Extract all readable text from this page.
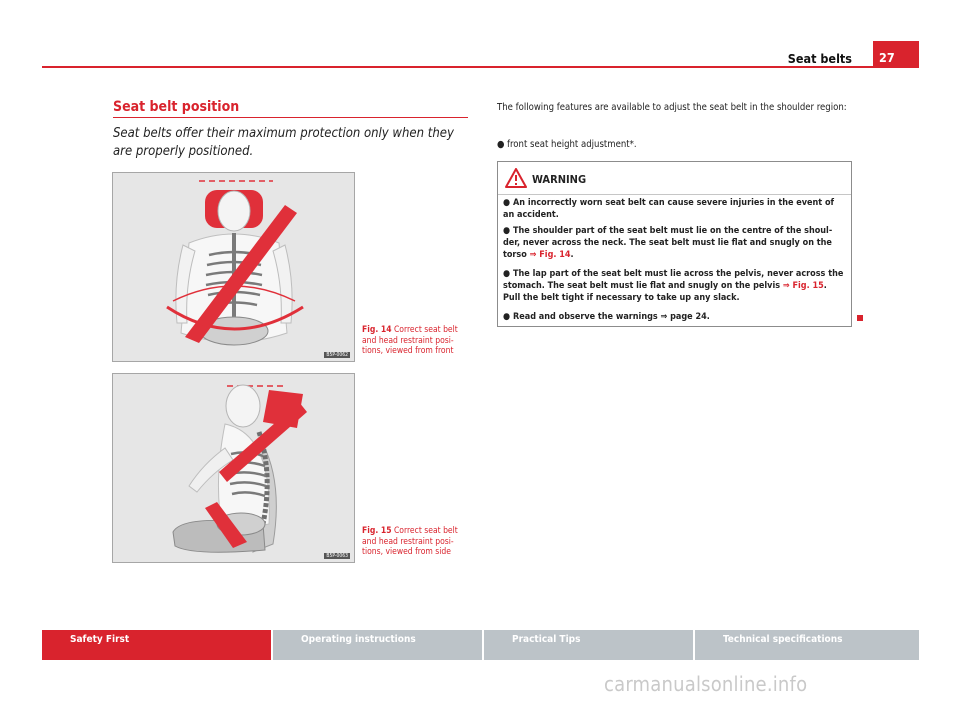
Seat belts	27
Seat belt position
Seat belts offer their maximum protection only when they are properly positioned.
B5P-0062
Fig. 14 Correct seat belt and head restraint posi-tions, viewed from front
B5P-0063
Fig. 15 Correct seat belt and head restraint posi-tions, viewed from side
The following features are available to adjust the seat belt in the shoulder region:
● front seat height adjustment*.
WARNING
● An incorrectly worn seat belt can cause severe injuries in the event of an accident.
● The shoulder part of the seat belt must lie on the centre of the shoul-der, never across the neck. The seat belt must lie flat and snugly on the torso ⇒ Fig. 14.
● The lap part of the seat belt must lie across the pelvis, never across the stomach. The seat belt must lie flat and snugly on the pelvis ⇒ Fig. 15. Pull the belt tight if necessary to take up any slack.
● Read and observe the warnings ⇒ page 24.
Safety First	Operating instructions	Practical Tips	Technical specifications
carmanualsonline.info
